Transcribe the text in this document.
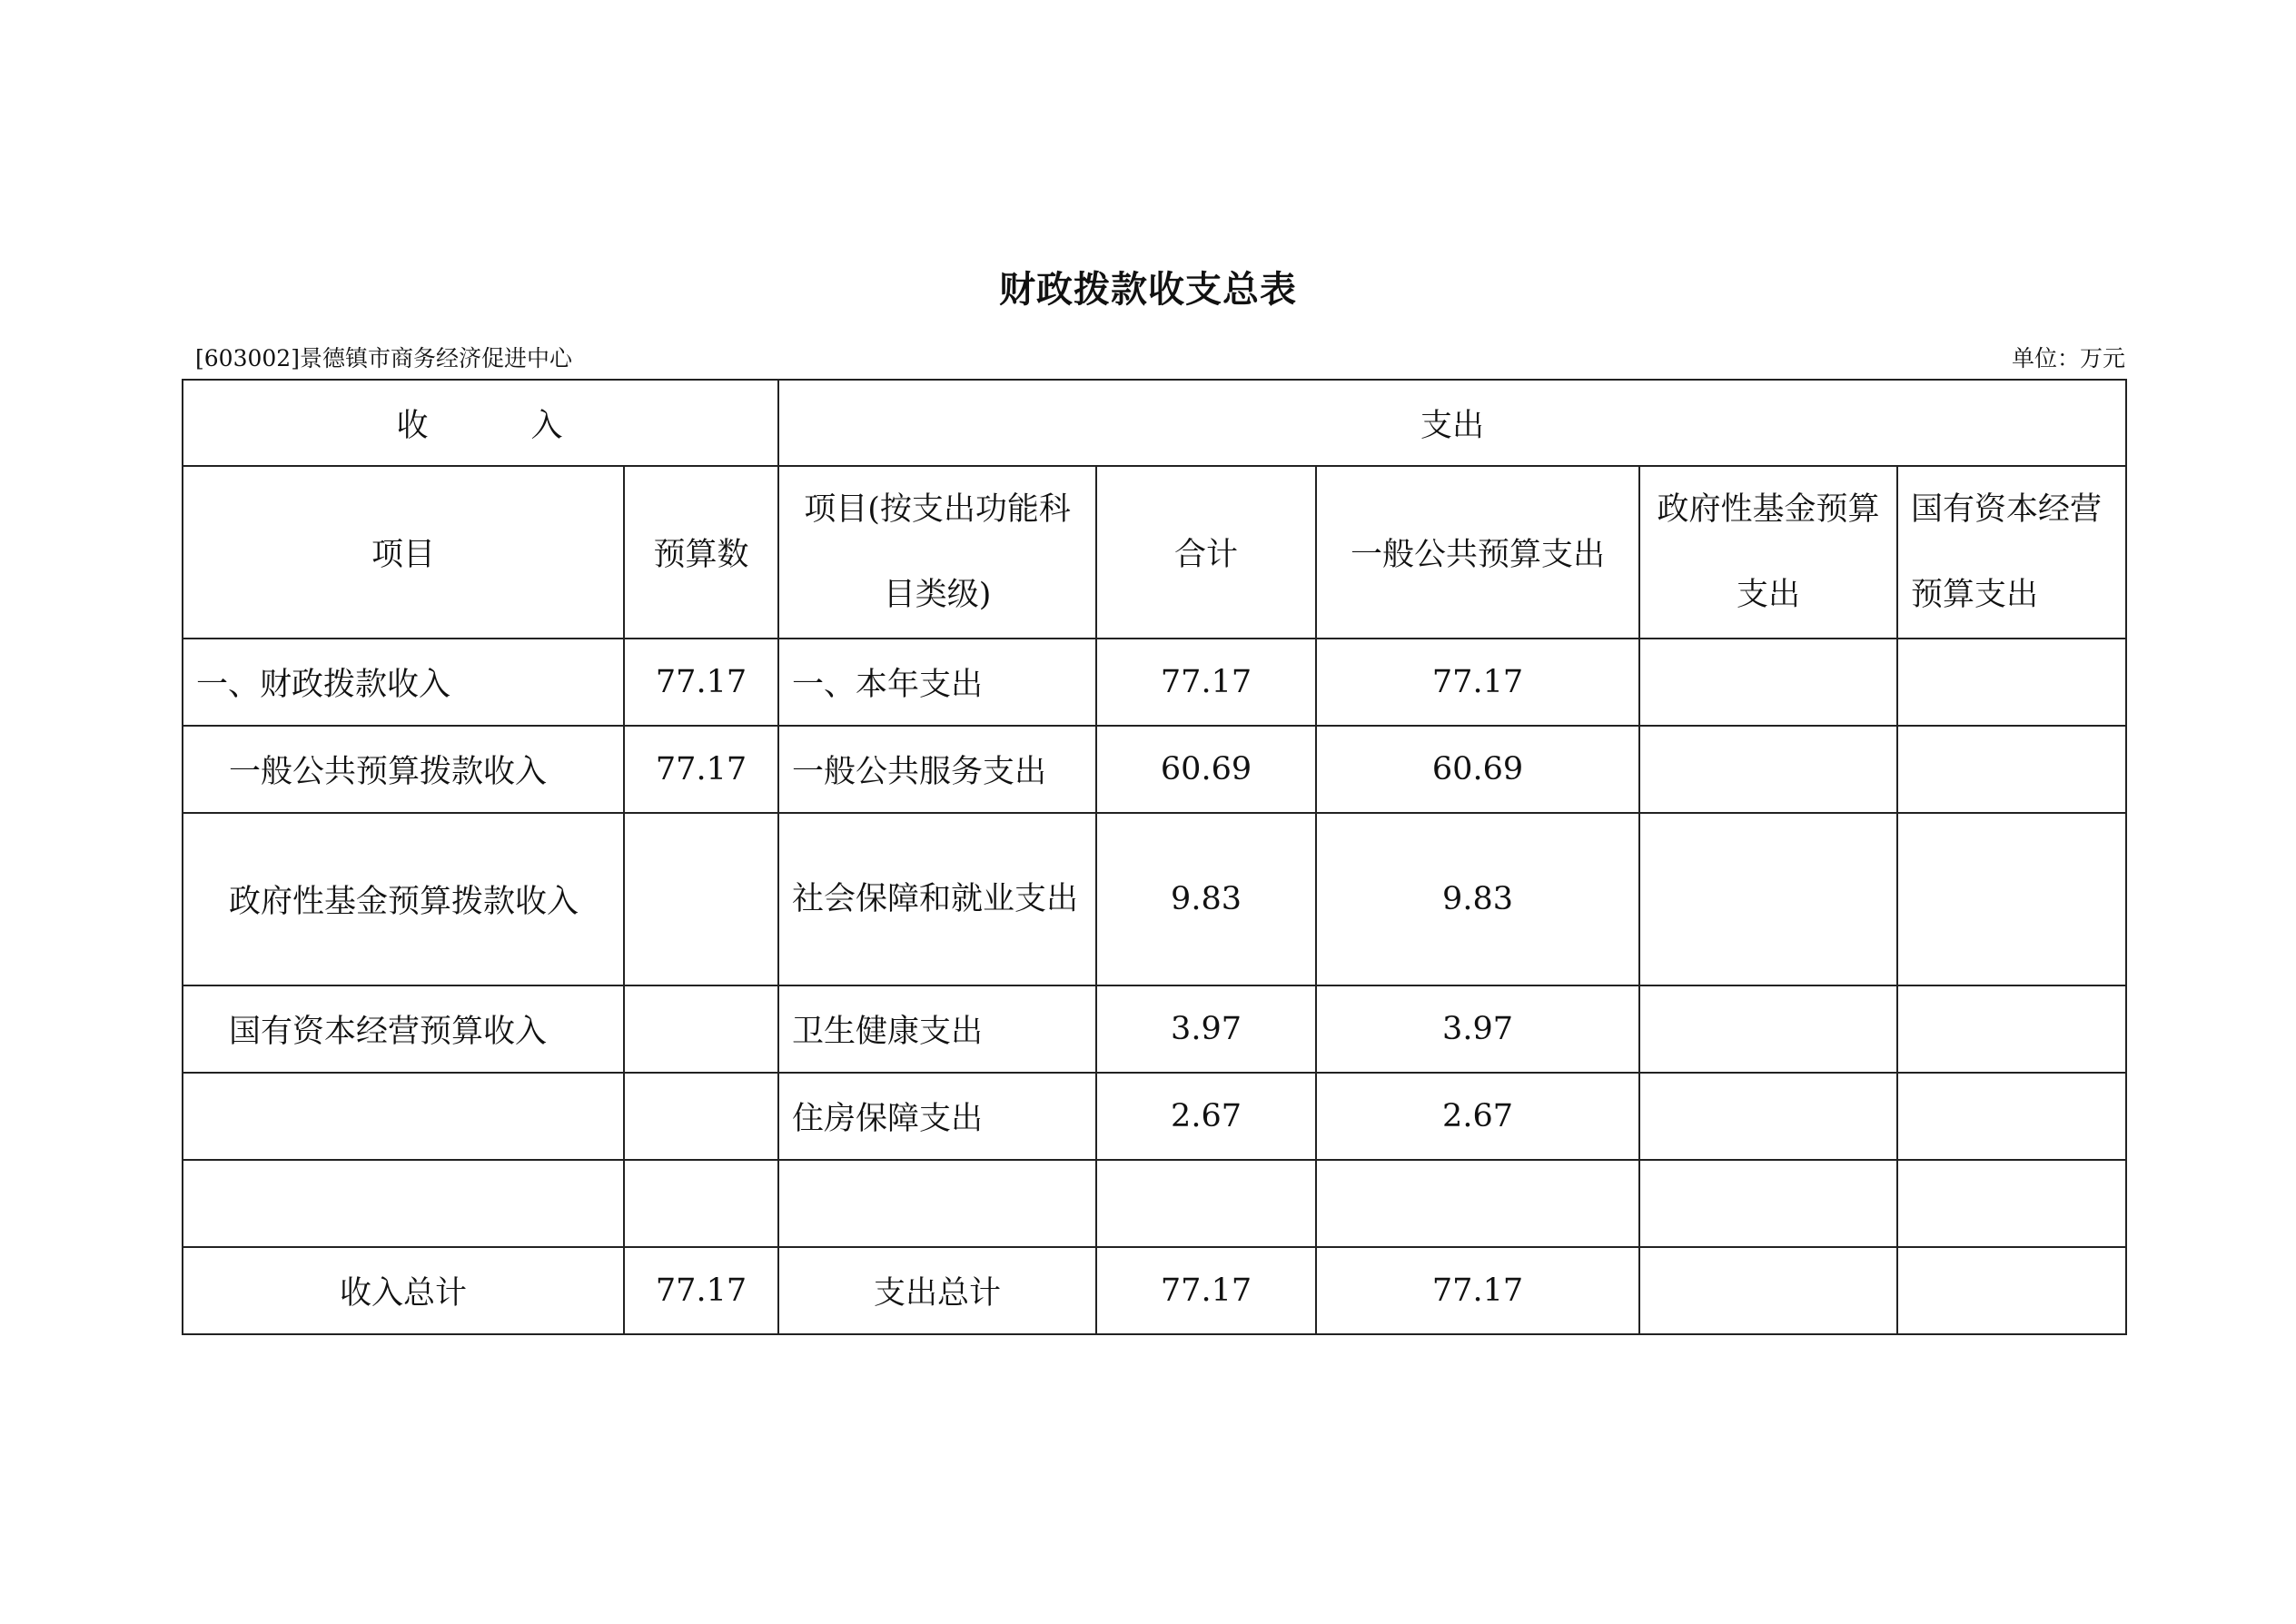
财政拨款收支总表
[603002]景德镇市商务经济促进中心	单位：万元
收　　　入		支出				
项目	预算数	项目(按支出功能科目类级)	合计	一般公共预算支出	政府性基金预算支出	国有资本经营预算支出
一、财政拨款收入	77.17	一、本年支出	77.17	77.17		
一般公共预算拨款收入	77.17	一般公共服务支出	60.69	60.69		
政府性基金预算拨款收入		社会保障和就业支出	9.83	9.83		
国有资本经营预算收入		卫生健康支出	3.97	3.97		
		住房保障支出	2.67	2.67		

收入总计	77.17	支出总计	77.17	77.17		
